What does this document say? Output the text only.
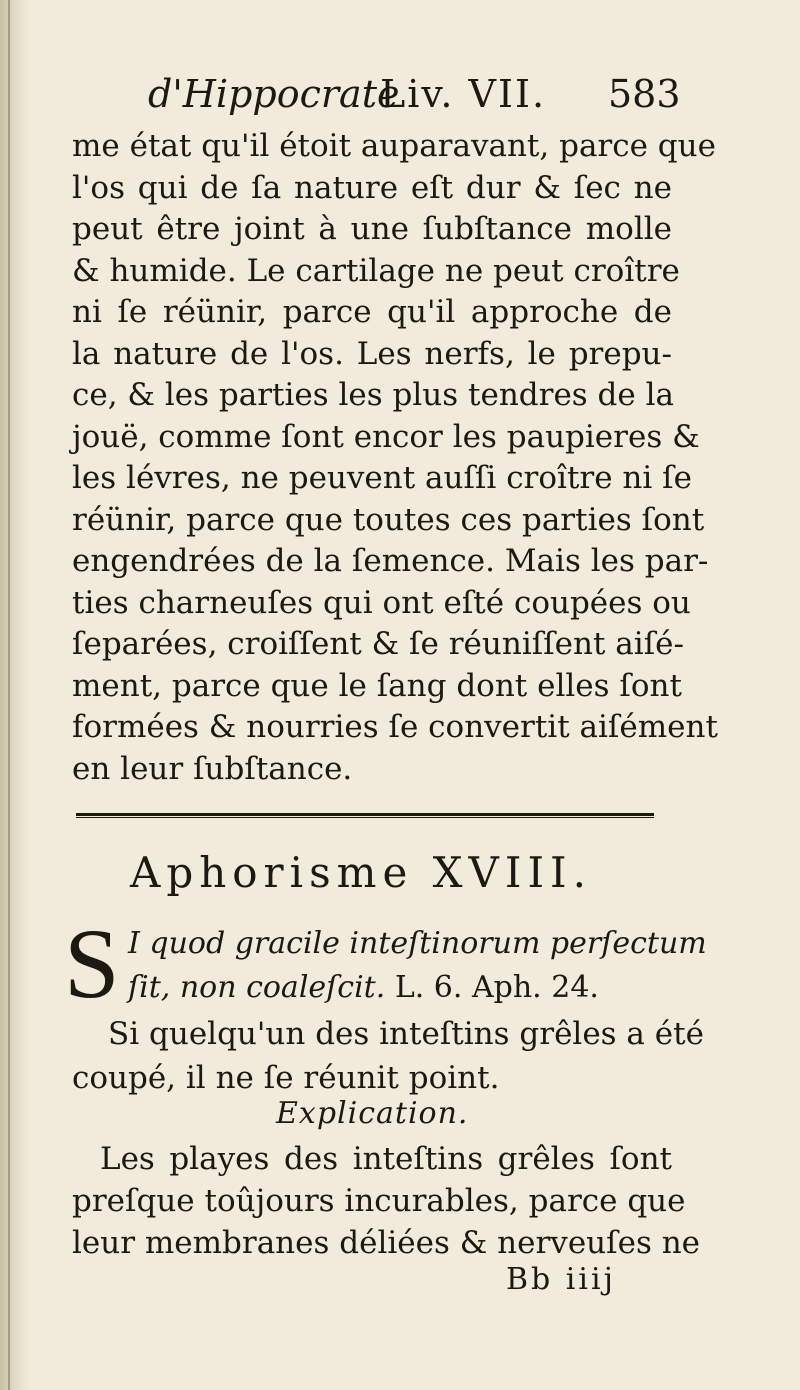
d'Hippocrate
Liv. VII. 583
me état qu'il étoit auparavant, parce que
l'os qui de ſa nature eſt dur & ſec ne
peut être joint à une ſubſtance molle
& humide. Le cartilage ne peut croître
ni ſe réünir, parce qu'il approche de
la nature de l'os. Les nerfs, le prepu-
ce, & les parties les plus tendres de la
jouë, comme ſont encor les paupieres &
les lévres, ne peuvent auſſi croître ni ſe
réünir, parce que toutes ces parties ſont
engendrées de la ſemence. Mais les par-
ties charneuſes qui ont eſté coupées ou
ſeparées, croiſſent & ſe réuniſſent aiſé-
ment, parce que le ſang dont elles ſont
formées & nourries ſe convertit aiſément
en leur ſubſtance.
Aphorisme XVIII.
S I quod gracile inteſtinorum perſectum
ſit, non coaleſcit. L. 6. Aph. 24.
Si quelqu'un des inteſtins grêles a été
coupé, il ne ſe réunit point.
Explication.
Les playes des inteſtins grêles ſont
preſque toûjours incurables, parce que
leur membranes déliées & nerveuſes ne
Bb iiij
